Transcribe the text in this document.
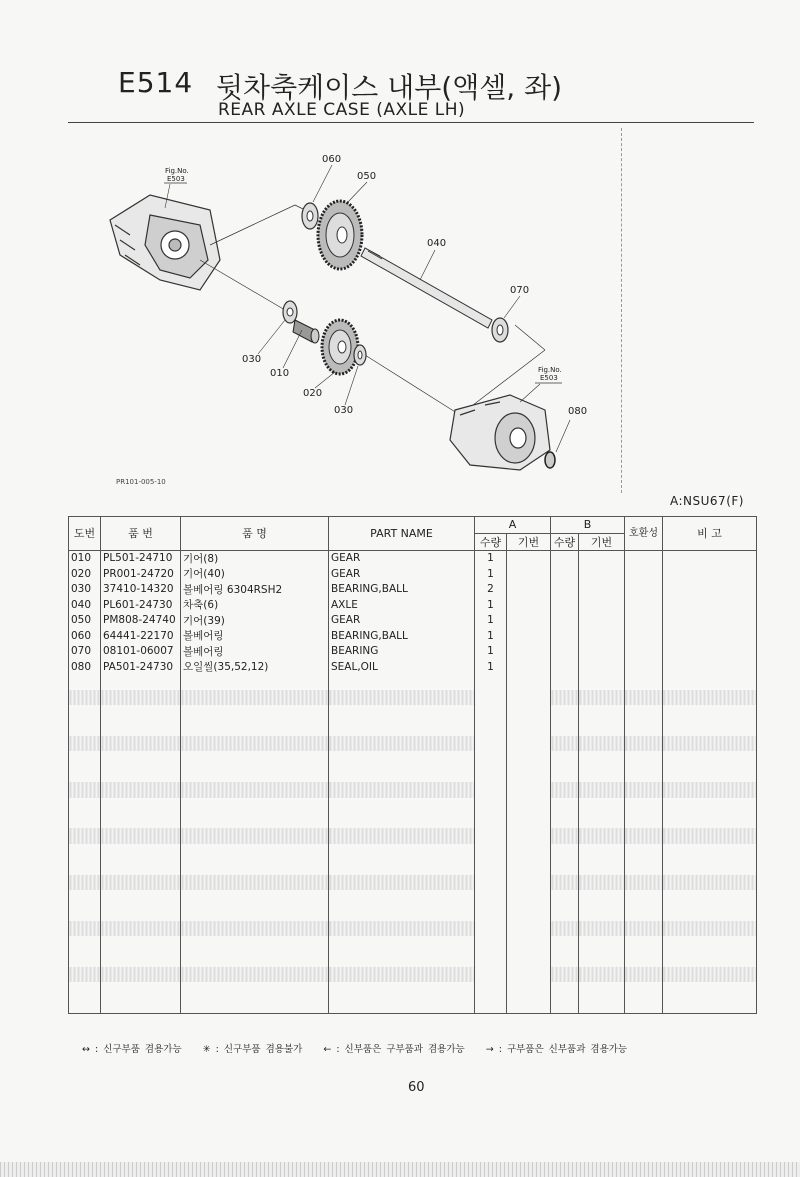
E514 뒷차축케이스 내부(액셀, 좌)
REAR AXLE CASE (AXLE LH)
Fig.No.
E503
Fig.No.
E503
060
050
040
070
030
010
020
030	080
PR101-005-10
A:NSU67(F)
도번	품 번	품 명	PART NAME	A		B		호환성	비 고
				수량	기번	수량	기번		
010	PL501-24710	기어(8)	GEAR	1					
020	PR001-24720	기어(40)	GEAR	1					
030	37410-14320	볼베어링 6304RSH2	BEARING,BALL	2					
040	PL601-24730	차축(6)	AXLE	1					
050	PM808-24740	기어(39)	GEAR	1					
060	64441-22170	볼베어링	BEARING,BALL	1					
070	08101-06007	볼베어링	BEARING	1					
080	PA501-24730	오일씰(35,52,12)	SEAL,OIL	1					

↔ : 신구부품 겸용가능 ✳ : 신구부품 겸용불가 ← : 신부품은 구부품과 겸용가능 → : 구부품은 신부품과 겸용가능
60
